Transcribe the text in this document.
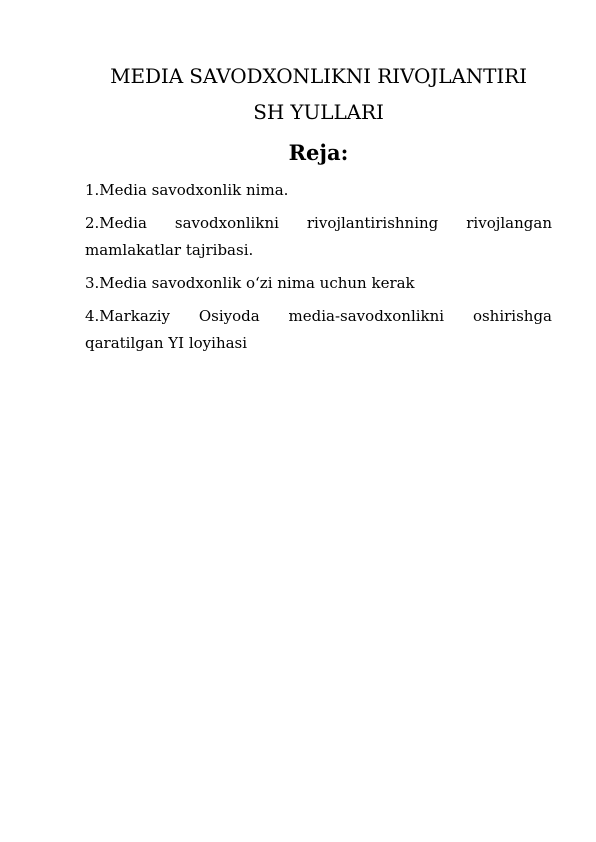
MEDIA SAVODXONLIKNI RIVOJLANTIRI
SH YULLARI
Reja:
1.Media savodxonlik nima.
2.Media savodxonlikni rivojlantirishning rivojlangan mamlakatlar tajribasi.
3.Media savodxonlik o‘zi nima uchun kerak
4.Markaziy Osiyoda media-savodxonlikni oshirishga qaratilgan YI loyihasi
